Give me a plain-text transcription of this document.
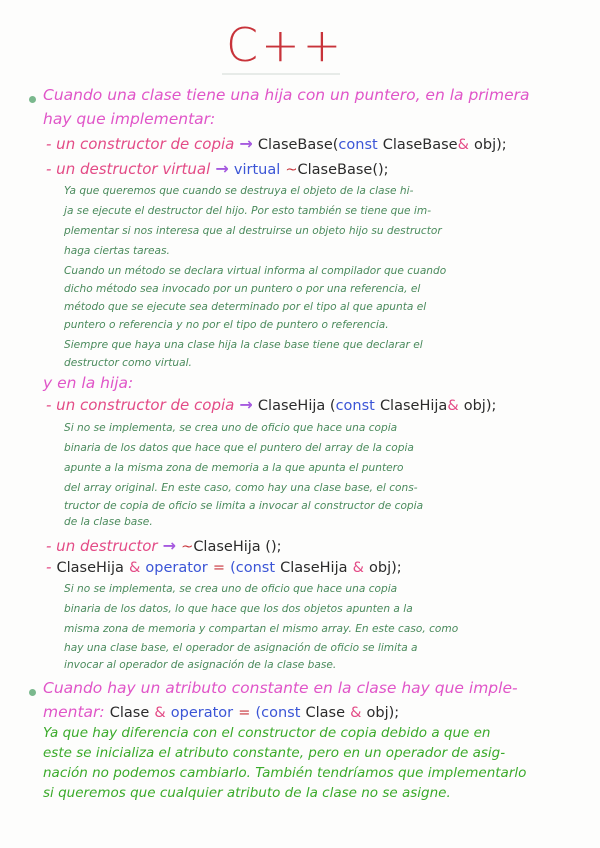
C++
Cuando una clase tiene una hija con un puntero, en la primera
hay que implementar:
- un constructor de copia → ClaseBase(const ClaseBase& obj);
- un destructor virtual → virtual ~ClaseBase();
Ya que queremos que cuando se destruya el objeto de la clase hi-
ja se ejecute el destructor del hijo. Por esto también se tiene que im-
plementar si nos interesa que al destruirse un objeto hijo su destructor
haga ciertas tareas.
Cuando un método se declara virtual informa al compilador que cuando
dicho método sea invocado por un puntero o por una referencia, el
método que se ejecute sea determinado por el tipo al que apunta el
puntero o referencia y no por el tipo de puntero o referencia.
Siempre que haya una clase hija la clase base tiene que declarar el
destructor como virtual.
y en la hija:
- un constructor de copia → ClaseHija (const ClaseHija& obj);
Si no se implementa, se crea uno de oficio que hace una copia
binaria de los datos que hace que el puntero del array de la copia
apunte a la misma zona de memoria a la que apunta el puntero
del array original. En este caso, como hay una clase base, el cons-
tructor de copia de oficio se limita a invocar al constructor de copia
de la clase base.
- un destructor → ~ClaseHija ();
- ClaseHija & operator = (const ClaseHija & obj);
Si no se implementa, se crea uno de oficio que hace una copia
binaria de los datos, lo que hace que los dos objetos apunten a la
misma zona de memoria y compartan el mismo array. En este caso, como
hay una clase base, el operador de asignación de oficio se limita a
invocar al operador de asignación de la clase base.
Cuando hay un atributo constante en la clase hay que imple-
mentar: Clase & operator = (const Clase & obj);
Ya que hay diferencia con el constructor de copia debido a que en
este se inicializa el atributo constante, pero en un operador de asig-
nación no podemos cambiarlo. También tendríamos que implementarlo
si queremos que cualquier atributo de la clase no se asigne.
